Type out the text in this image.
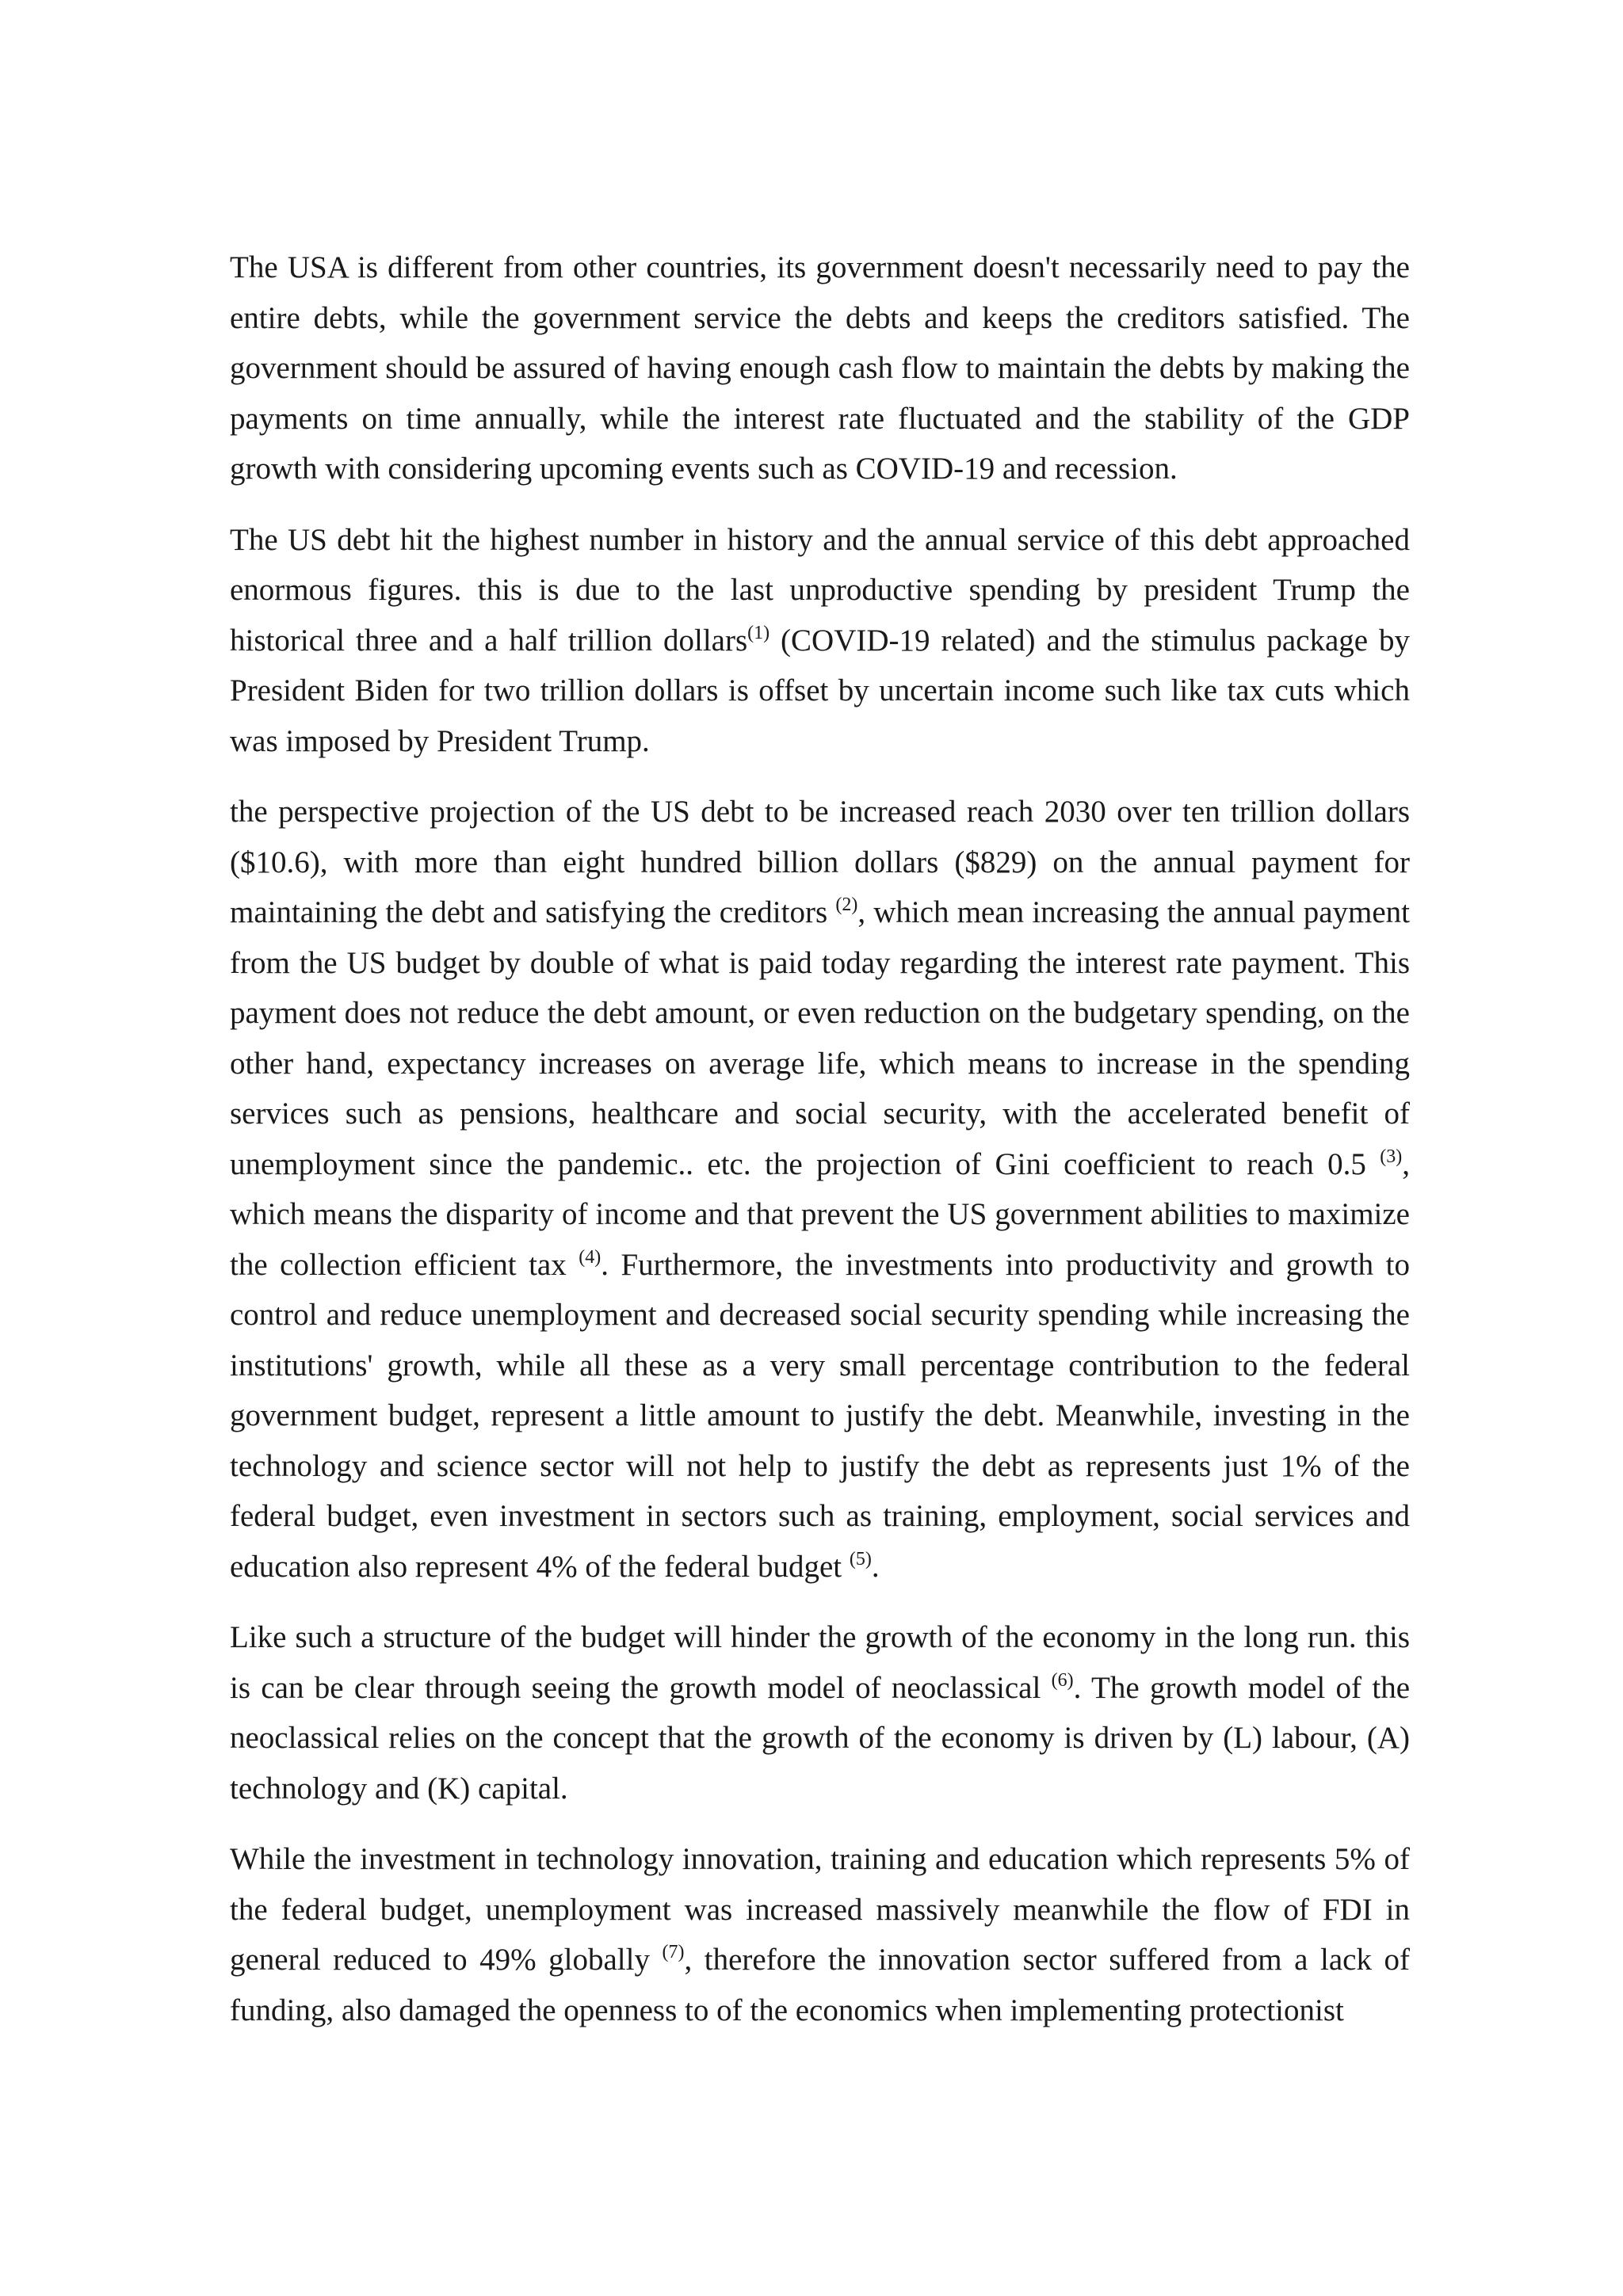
The USA is different from other countries, its government doesn't necessarily need to pay the entire debts, while the government service the debts and keeps the creditors satisfied. The government should be assured of having enough cash flow to maintain the debts by making the payments on time annually, while the interest rate fluctuated and the stability of the GDP growth with considering upcoming events such as COVID-19 and recession.

The US debt hit the highest number in history and the annual service of this debt approached enormous figures. this is due to the last unproductive spending by president Trump the historical three and a half trillion dollars$^{(1)}$ (COVID-19 related) and the stimulus package by President Biden for two trillion dollars is offset by uncertain income such like tax cuts which was imposed by President Trump.

the perspective projection of the US debt to be increased reach 2030 over ten trillion dollars ($10.6), with more than eight hundred billion dollars ($829) on the annual payment for maintaining the debt and satisfying the creditors $^{(2)}$, which mean increasing the annual payment from the US budget by double of what is paid today regarding the interest rate payment. This payment does not reduce the debt amount, or even reduction on the budgetary spending, on the other hand, expectancy increases on average life, which means to increase in the spending services such as pensions, healthcare and social security, with the accelerated benefit of unemployment since the pandemic.. etc. the projection of Gini coefficient to reach 0.5 $^{(3)}$, which means the disparity of income and that prevent the US government abilities to maximize the collection efficient tax $^{(4)}$. Furthermore, the investments into productivity and growth to control and reduce unemployment and decreased social security spending while increasing the institutions' growth, while all these as a very small percentage contribution to the federal government budget, represent a little amount to justify the debt. Meanwhile, investing in the technology and science sector will not help to justify the debt as represents just 1% of the federal budget, even investment in sectors such as training, employment, social services and education also represent 4% of the federal budget $^{(5)}$.

Like such a structure of the budget will hinder the growth of the economy in the long run. this is can be clear through seeing the growth model of neoclassical $^{(6)}$. The growth model of the neoclassical relies on the concept that the growth of the economy is driven by (L) labour, (A) technology and (K) capital.

While the investment in technology innovation, training and education which represents 5% of the federal budget, unemployment was increased massively meanwhile the flow of FDI in general reduced to 49% globally $^{(7)}$, therefore the innovation sector suffered from a lack of funding, also damaged the openness to of the economics when implementing protectionist
